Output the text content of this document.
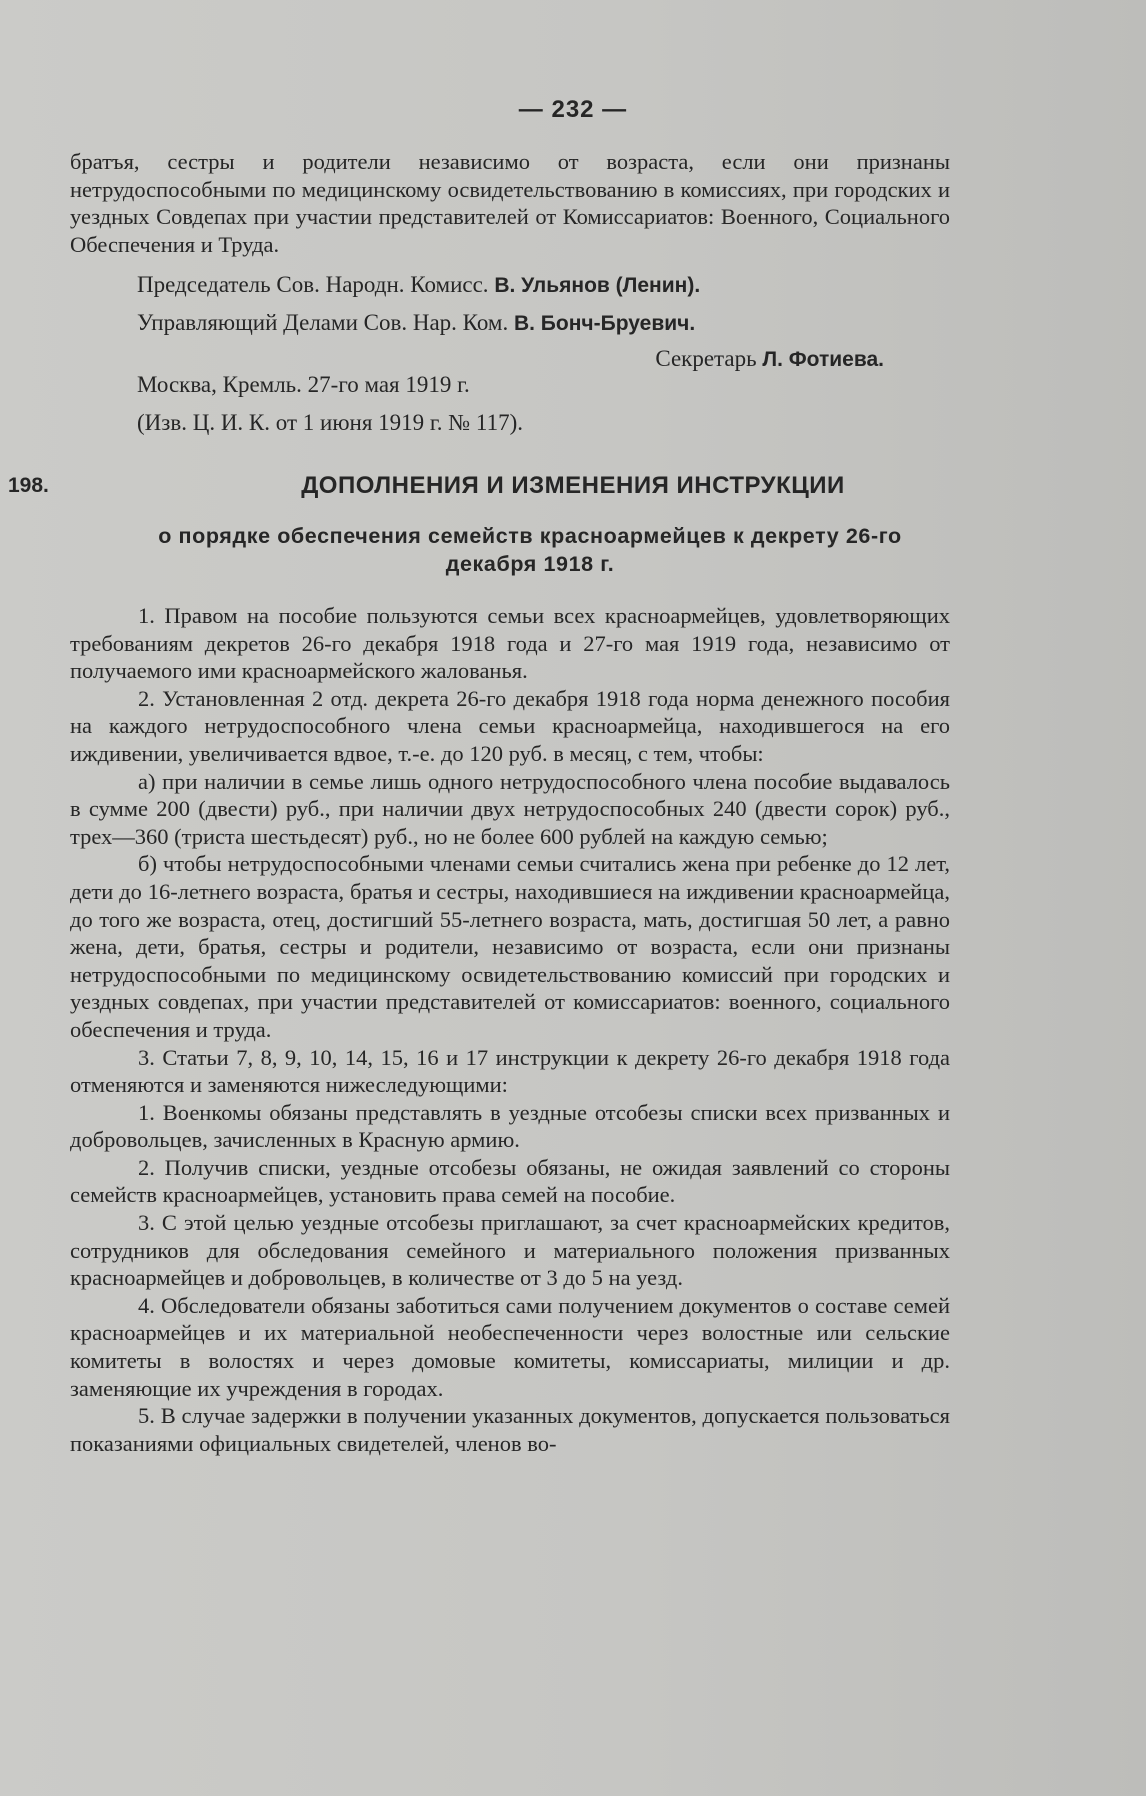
— 232 —

братъя, сестры и родители независимо от возраста, если они признаны нетрудоспособными по медицинскому освидетельствованию в комиссиях, при городских и уездных Совдепах при участии представителей от Комиссариатов: Военного, Социального Обеспечения и Труда.

Председатель Сов. Народн. Комисс. В. Ульянов (Ленин).
Управляющий Делами Сов. Нар. Ком. В. Бонч-Бруевич.
Секретарь Л. Фотиева.
Москва, Кремль. 27-го мая 1919 г.
(Изв. Ц. И. К. от 1 июня 1919 г. № 117).
198.	ДОПОЛНЕНИЯ И ИЗМЕНЕНИЯ ИНСТРУКЦИИ
о порядке обеспечения семейств красноармейцев к декрету 26-го декабря 1918 г.

1. Правом на пособие пользуются семьи всех красноармейцев, удовлетворяющих требованиям декретов 26-го декабря 1918 года и 27-го мая 1919 года, независимо от получаемого ими красноармейского жалованья.

2. Установленная 2 отд. декрета 26-го декабря 1918 года норма денежного пособия на каждого нетрудоспособного члена семьи красноармейца, находившегося на его иждивении, увеличивается вдвое, т.-е. до 120 руб. в месяц, с тем, чтобы:

а) при наличии в семье лишь одного нетрудоспособного члена пособие выдавалось в сумме 200 (двести) руб., при наличии двух нетрудоспособных 240 (двести сорок) руб., трех—360 (триста шестьдесят) руб., но не более 600 рублей на каждую семью;

б) чтобы нетрудоспособными членами семьи считались жена при ребенке до 12 лет, дети до 16-летнего возраста, братья и сестры, находившиеся на иждивении красноармейца, до того же возраста, отец, достигший 55-летнего возраста, мать, достигшая 50 лет, а равно жена, дети, братья, сестры и родители, независимо от возраста, если они признаны нетрудоспособными по медицинскому освидетельствованию комиссий при городских и уездных совдепах, при участии представителей от комиссариатов: военного, социального обеспечения и труда.

3. Статьи 7, 8, 9, 10, 14, 15, 16 и 17 инструкции к декрету 26-го декабря 1918 года отменяются и заменяются нижеследующими:

1. Военкомы обязаны представлять в уездные отсобезы списки всех призванных и добровольцев, зачисленных в Красную армию.

2. Получив списки, уездные отсобезы обязаны, не ожидая заявлений со стороны семейств красноармейцев, установить права семей на пособие.

3. С этой целью уездные отсобезы приглашают, за счет красноармейских кредитов, сотрудников для обследования семейного и материального положения призванных красноармейцев и добровольцев, в количестве от 3 до 5 на уезд.

4. Обследователи обязаны заботиться сами получением документов о составе семей красноармейцев и их материальной необеспеченности через волостные или сельские комитеты в волостях и через домовые комитеты, комиссариаты, милиции и др. заменяющие их учреждения в городах.

5. В случае задержки в получении указанных документов, допускается пользоваться показаниями официальных свидетелей, членов во-
